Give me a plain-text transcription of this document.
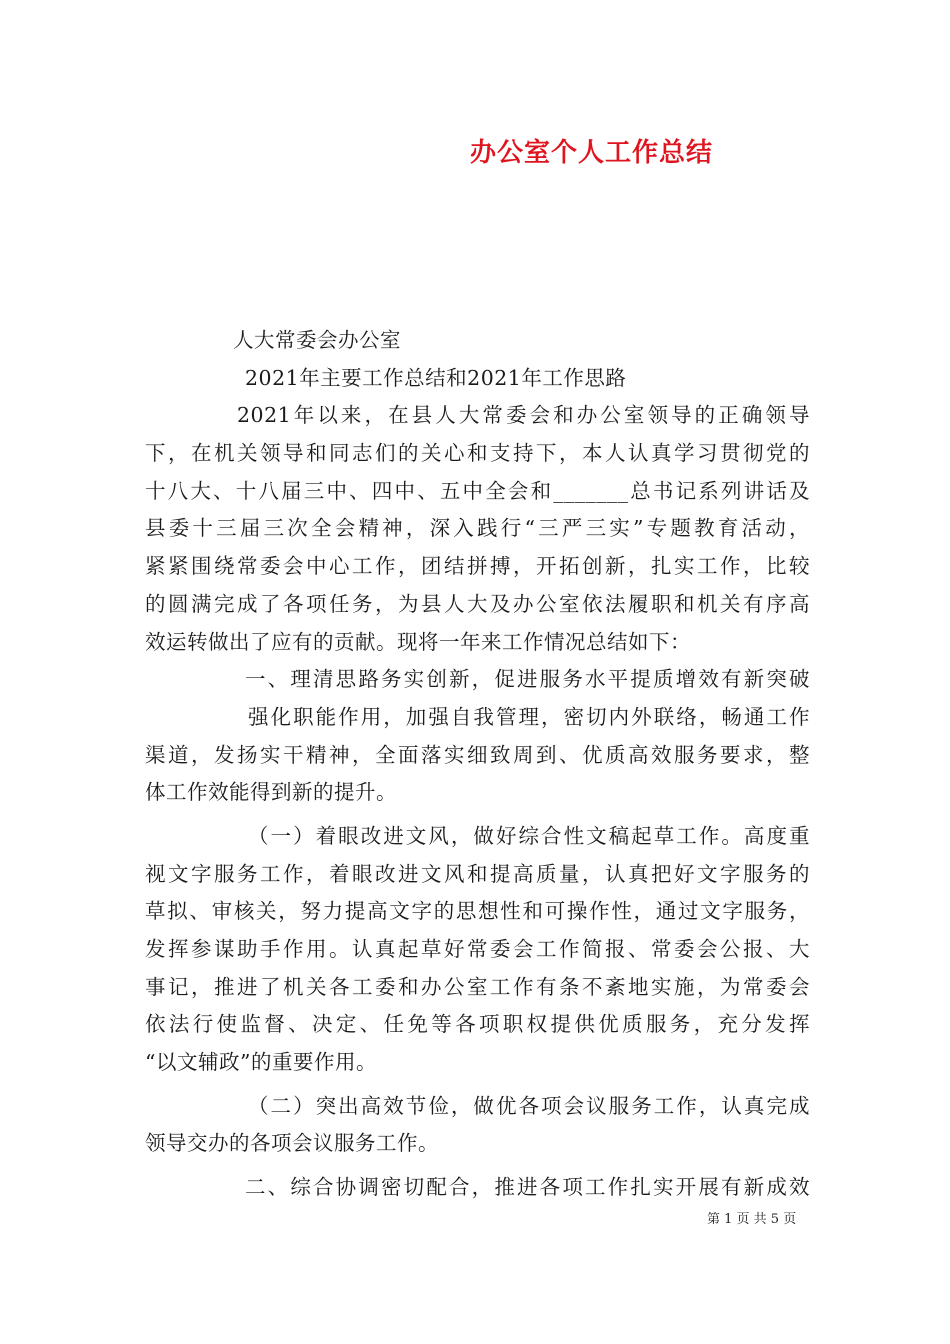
办公室个人工作总结
人大常委会办公室
2021年主要工作总结和2021年工作思路
2021年以来，在县人大常委会和办公室领导的正确领导
下，在机关领导和同志们的关心和支持下，本人认真学习贯彻党的
十八大、十八届三中、四中、五中全会和_______总书记系列讲话及
县委十三届三次全会精神，深入践行“三严三实”专题教育活动，
紧紧围绕常委会中心工作，团结拼搏，开拓创新，扎实工作，比较
的圆满完成了各项任务，为县人大及办公室依法履职和机关有序高
效运转做出了应有的贡献。现将一年来工作情况总结如下：
一、理清思路务实创新，促进服务水平提质增效有新突破
强化职能作用，加强自我管理，密切内外联络，畅通工作
渠道，发扬实干精神，全面落实细致周到、优质高效服务要求，整
体工作效能得到新的提升。
（一）着眼改进文风，做好综合性文稿起草工作。高度重
视文字服务工作，着眼改进文风和提高质量，认真把好文字服务的
草拟、审核关，努力提高文字的思想性和可操作性，通过文字服务，
发挥参谋助手作用。认真起草好常委会工作简报、常委会公报、大
事记，推进了机关各工委和办公室工作有条不紊地实施，为常委会
依法行使监督、决定、任免等各项职权提供优质服务，充分发挥
“以文辅政”的重要作用。
（二）突出高效节俭，做优各项会议服务工作，认真完成
领导交办的各项会议服务工作。
二、综合协调密切配合，推进各项工作扎实开展有新成效
第 1 页 共 5 页
